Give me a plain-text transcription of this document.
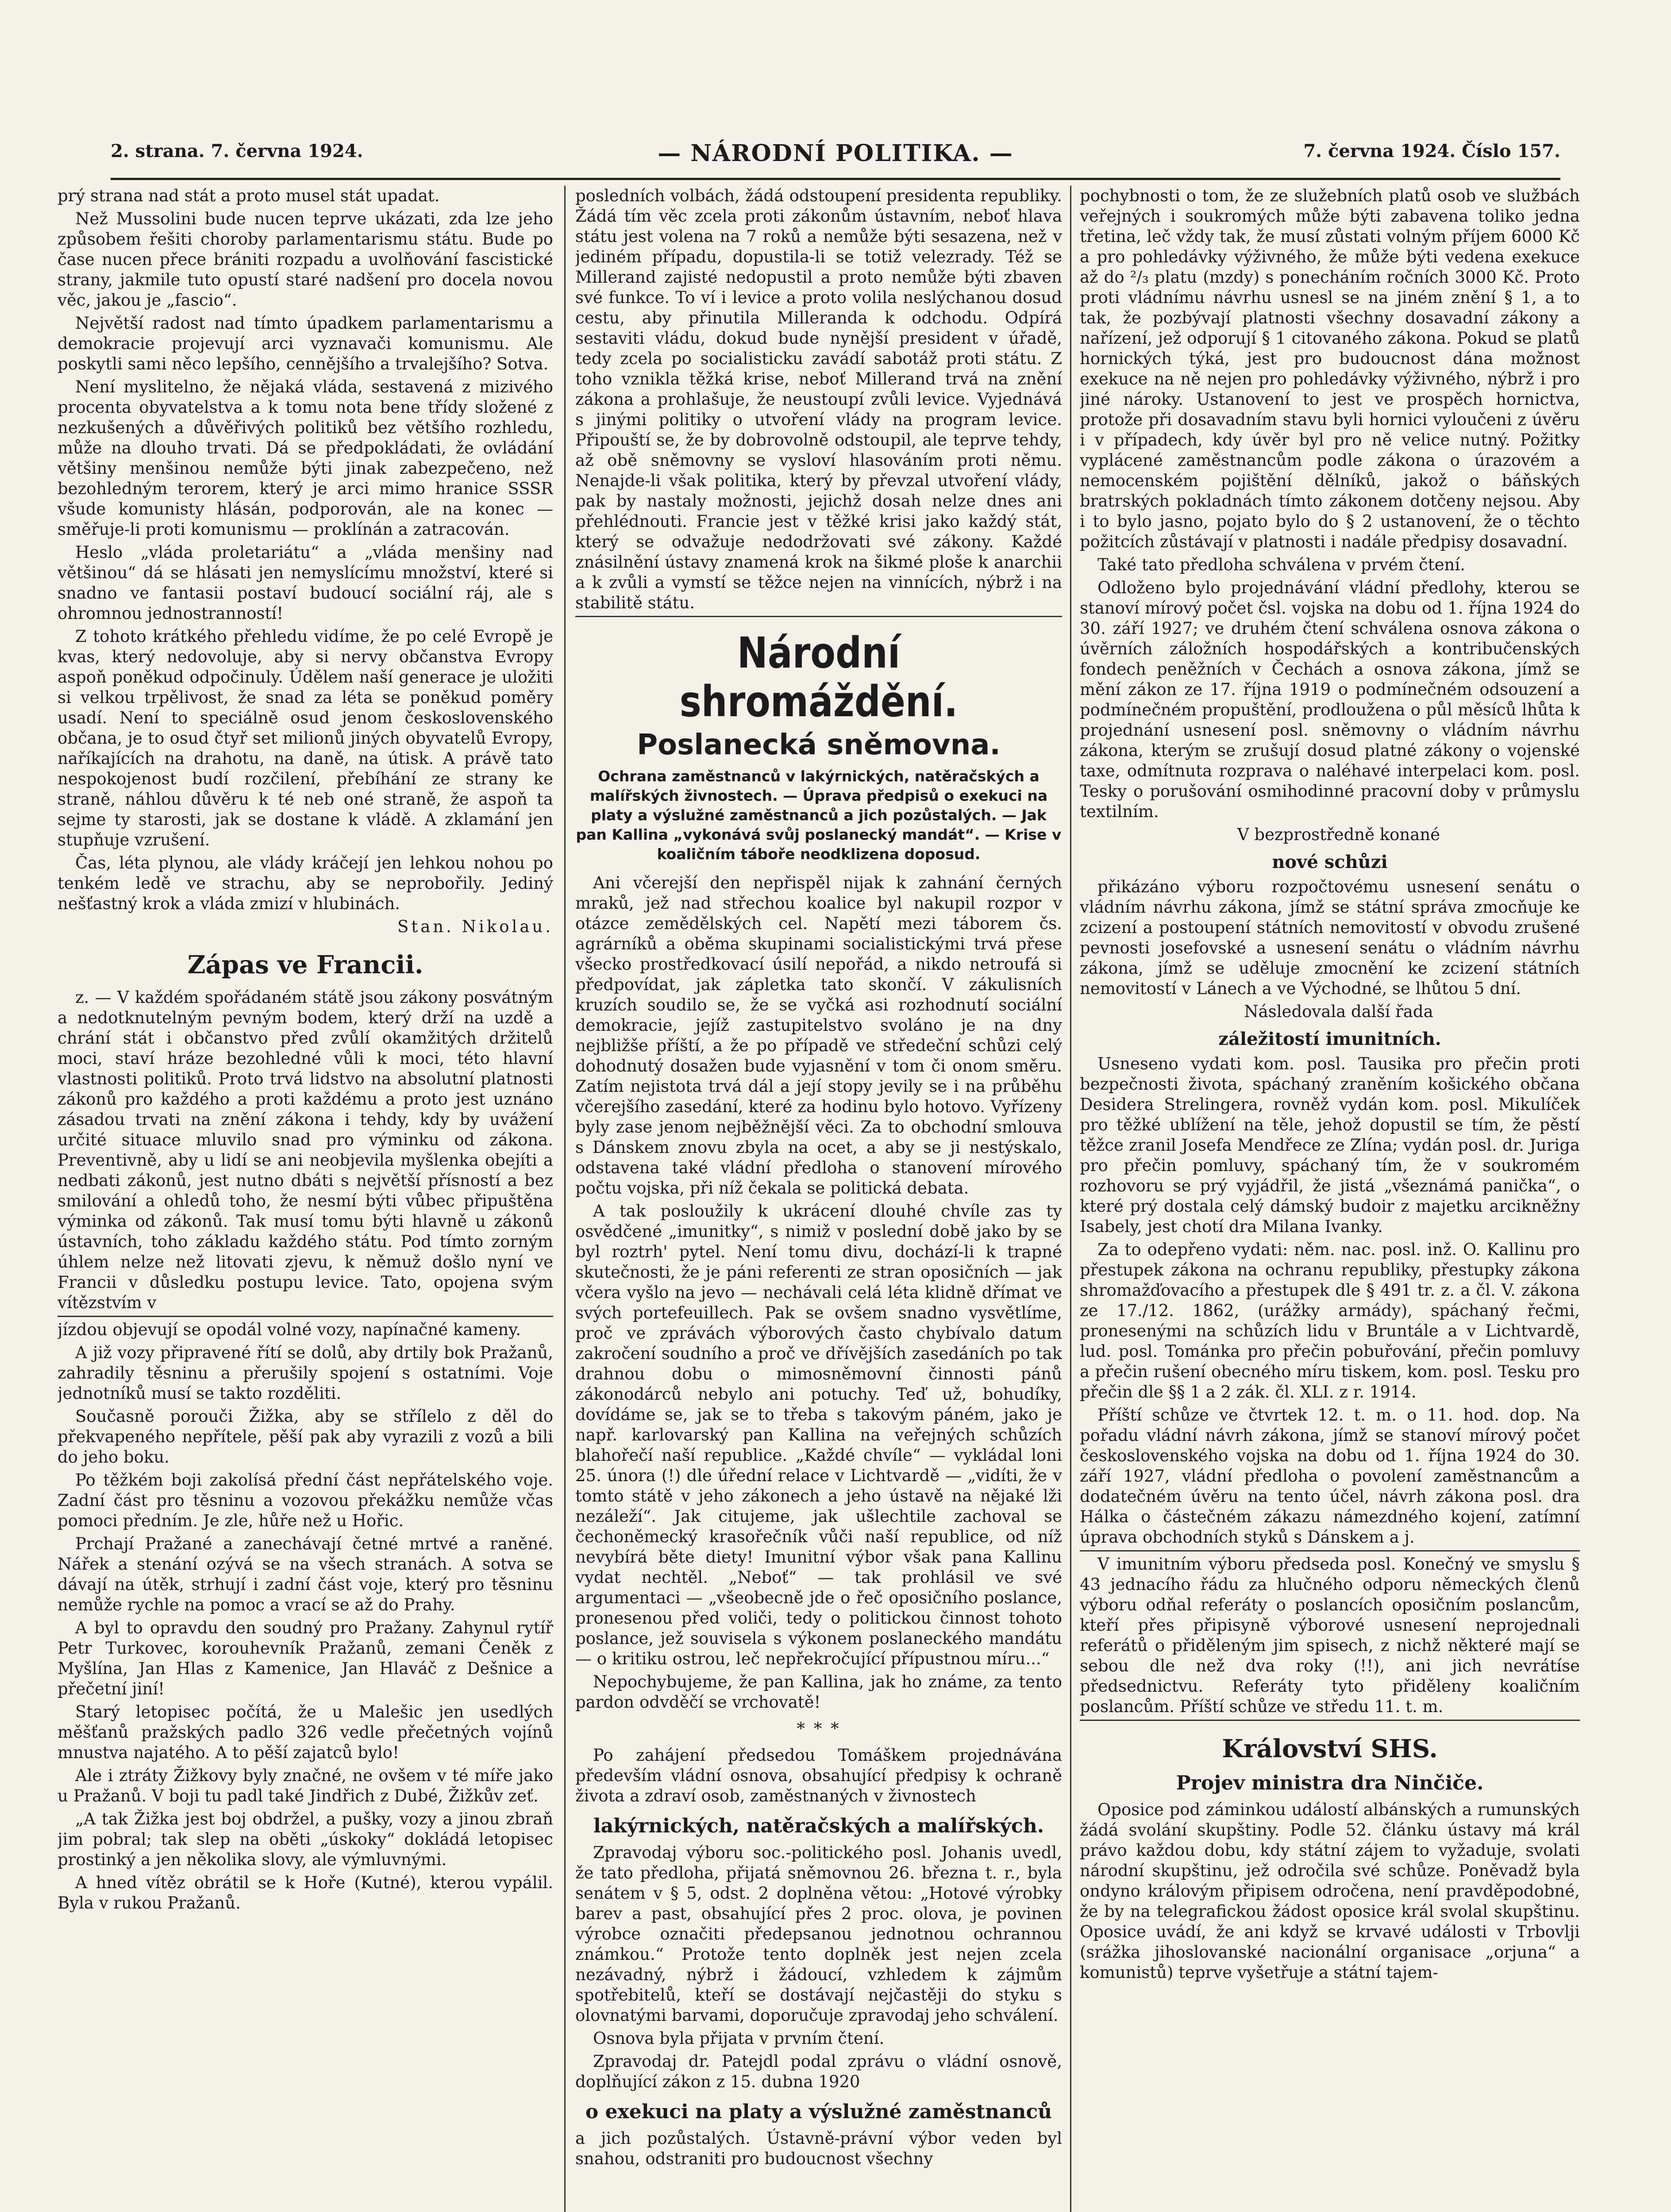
2. strana. 7. června 1924.	— NÁRODNÍ POLITIKA. —	7. června 1924. Číslo 157.

prý strana nad stát a proto musel stát upadat.

Než Mussolini bude nucen teprve ukázati, zda lze jeho způsobem řešiti choroby parlamentarismu státu. Bude po čase nucen přece brániti rozpadu a uvolňování fascistické strany, jakmile tuto opustí staré nadšení pro docela novou věc, jakou je „fascio“.

Největší radost nad tímto úpadkem parlamentarismu a demokracie projevují arci vyznavači komunismu. Ale poskytli sami něco lepšího, cennějšího a trvalejšího? Sotva.

Není myslitelno, že nějaká vláda, sestavená z mizivého procenta obyvatelstva a k tomu nota bene třídy složené z nezkušených a důvěřivých politiků bez většího rozhledu, může na dlouho trvati. Dá se předpokládati, že ovládání většiny menšinou nemůže býti jinak zabezpečeno, než bezohledným terorem, který je arci mimo hranice SSSR všude komunisty hlásán, podporován, ale na konec — směřuje-li proti komunismu — proklínán a zatracován.

Heslo „vláda proletariátu“ a „vláda menšiny nad většinou“ dá se hlásati jen nemyslícímu množství, které si snadno ve fantasii postaví budoucí sociální ráj, ale s ohromnou jednostranností!

Z tohoto krátkého přehledu vidíme, že po celé Evropě je kvas, který nedovoluje, aby si nervy občanstva Evropy aspoň poněkud odpočinuly. Údělem naší generace je uložiti si velkou trpělivost, že snad za léta se poněkud poměry usadí. Není to speciálně osud jenom československého občana, je to osud čtyř set milionů jiných obyvatelů Evropy, naříkajících na drahotu, na daně, na útisk. A právě tato nespokojenost budí rozčilení, přebíhání ze strany ke straně, náhlou důvěru k té neb oné straně, že aspoň ta sejme ty starosti, jak se dostane k vládě. A zklamání jen stupňuje vzrušení.

Čas, léta plynou, ale vlády kráčejí jen lehkou nohou po tenkém ledě ve strachu, aby se neprobořily. Jediný nešťastný krok a vláda zmizí v hlubinách.

Stan. Nikolau.

Zápas ve Francii.

z. — V každém spořádaném státě jsou zákony posvátným a nedotknutelným pevným bodem, který drží na uzdě a chrání stát i občanstvo před zvůlí okamžitých držitelů moci, staví hráze bezohledné vůli k moci, této hlavní vlastnosti politiků. Proto trvá lidstvo na absolutní platnosti zákonů pro každého a proti každému a proto jest uznáno zásadou trvati na znění zákona i tehdy, kdy by uvážení určité situace mluvilo snad pro výminku od zákona. Preventivně, aby u lidí se ani neobjevila myšlenka obejíti a nedbati zákonů, jest nutno dbáti s největší přísností a bez smilování a ohledů toho, že nesmí býti vůbec připuštěna výminka od zákonů. Tak musí tomu býti hlavně u zákonů ústavních, toho základu každého státu. Pod tímto zorným úhlem nelze než litovati zjevu, k němuž došlo nyní ve Francii v důsledku postupu levice. Tato, opojena svým vítězstvím v

jízdou objevují se opodál volné vozy, napínačné kameny.

A již vozy připravené řítí se dolů, aby drtily bok Pražanů, zahradily těsninu a přerušily spojení s ostatními. Voje jednotníků musí se takto rozděliti.

Současně porouči Žižka, aby se střílelo z děl do překvapeného nepřítele, pěší pak aby vyrazili z vozů a bili do jeho boku.

Po těžkém boji zakolísá přední část nepřátelského voje. Zadní část pro těsninu a vozovou překážku nemůže včas pomoci předním. Je zle, hůře než u Hořic.

Prchají Pražané a zanechávají četné mrtvé a raněné. Nářek a stenání ozývá se na všech stranách. A sotva se dávají na útěk, strhují i zadní část voje, který pro těsninu nemůže rychle na pomoc a vrací se až do Prahy.

A byl to opravdu den soudný pro Pražany. Zahynul rytíř Petr Turkovec, korouhevník Pražanů, zemani Čeněk z Myšlína, Jan Hlas z Kamenice, Jan Hlaváč z Dešnice a přečetní jiní!

Starý letopisec počítá, že u Malešic jen usedlých měšťanů pražských padlo 326 vedle přečetných vojínů mnustva najatého. A to pěší zajatců bylo!

Ale i ztráty Žižkovy byly značné, ne ovšem v té míře jako u Pražanů. V boji tu padl také Jindřich z Dubé, Žižkův zeť.

„A tak Žižka jest boj obdržel, a pušky, vozy a jinou zbraň jim pobral; tak slep na oběti „úskoky“ dokládá letopisec prostinký a jen několika slovy, ale výmluvnými.

A hned vítěz obrátil se k Hoře (Kutné), kterou vypálil. Byla v rukou Pražanů.

posledních volbách, žádá odstoupení presidenta republiky. Žádá tím věc zcela proti zákonům ústavním, neboť hlava státu jest volena na 7 roků a nemůže býti sesazena, než v jediném případu, dopustila-li se totiž velezrady. Též se Millerand zajisté nedopustil a proto nemůže býti zbaven své funkce. To ví i levice a proto volila neslýchanou dosud cestu, aby přinutila Milleranda k odchodu. Odpírá sestaviti vládu, dokud bude nynější president v úřadě, tedy zcela po socialisticku zavádí sabotáž proti státu. Z toho vznikla těžká krise, neboť Millerand trvá na znění zákona a prohlašuje, že neustoupí zvůli levice. Vyjednává s jinými politiky o utvoření vlády na program levice. Připouští se, že by dobrovolně odstoupil, ale teprve tehdy, až obě sněmovny se vysloví hlasováním proti němu. Nenajde-li však politika, který by převzal utvoření vlády, pak by nastaly možnosti, jejichž dosah nelze dnes ani přehlédnouti. Francie jest v těžké krisi jako každý stát, který se odvažuje nedodržovati své zákony. Každé znásilnění ústavy znamená krok na šikmé ploše k anarchii a k zvůli a vymstí se těžce nejen na vinnících, nýbrž i na stabilitě státu.

Národní shromáždění.
Poslanecká sněmovna.
Ochrana zaměstnanců v lakýrnických, natěračských a malířských živnostech. — Úprava předpisů o exekuci na platy a výslužné zaměstnanců a jich pozůstalých. — Jak pan Kallina „vykonává svůj poslanecký mandát“. — Krise v koaličním táboře neodklizena doposud.

Ani včerejší den nepřispěl nijak k zahnání černých mraků, jež nad střechou koalice byl nakupil rozpor v otázce zemědělských cel. Napětí mezi táborem čs. agrárníků a oběma skupinami socialistickými trvá přese všecko prostředkovací úsilí nepořád, a nikdo netroufá si předpovídat, jak zápletka tato skončí. V zákulisních kruzích soudilo se, že se vyčká asi rozhodnutí sociální demokracie, jejíž zastupitelstvo svoláno je na dny nejbližše příští, a že po případě ve středeční schůzi celý dohodnutý dosažen bude vyjasnění v tom či onom směru. Zatím nejistota trvá dál a její stopy jevily se i na průběhu včerejšího zasedání, které za hodinu bylo hotovo. Vyřízeny byly zase jenom nejběžnější věci. Za to obchodní smlouva s Dánskem znovu zbyla na ocet, a aby se ji nestýskalo, odstavena také vládní předloha o stanovení mírového počtu vojska, při níž čekala se politická debata.

A tak posloužily k ukrácení dlouhé chvíle zas ty osvědčené „imunitky“, s nimiž v poslední době jako by se byl roztrh' pytel. Není tomu divu, dochází-li k trapné skutečnosti, že je páni referenti ze stran oposičních — jak včera vyšlo na jevo — nechávali celá léta klidně dřímat ve svých portefeuillech. Pak se ovšem snadno vysvětlíme, proč ve zprávách výborových často chybívalo datum zakročení soudního a proč ve dřívějších zasedáních po tak drahnou dobu o mimosněmovní činnosti pánů zákonodárců nebylo ani potuchy. Teď už, bohudíky, dovídáme se, jak se to třeba s takovým páném, jako je např. karlovarský pan Kallina na veřejných schůzích blahořečí naší republice. „Každé chvíle“ — vykládal loni 25. února (!) dle úřední relace v Lichtvardě — „vidíti, že v tomto státě v jeho zákonech a jeho ústavě na nějaké lži nezáleží“. Jak citujeme, jak ušlechtile zachoval se čechoněmecký krasořečník vůči naší republice, od níž nevybírá běte diety! Imunitní výbor však pana Kallinu vydat nechtěl. „Neboť“ — tak prohlásil ve své argumentaci — „všeobecně jde o řeč oposičního poslance, pronesenou před voliči, tedy o politickou činnost tohoto poslance, jež souvisela s výkonem poslaneckého mandátu — o kritiku ostrou, leč nepřekročující přípustnou míru...“

Nepochybujeme, že pan Kallina, jak ho známe, za tento pardon odvděčí se vrchovatě!

* * *

Po zahájení předsedou Tomáškem projednávána především vládní osnova, obsahující předpisy k ochraně života a zdraví osob, zaměstnaných v živnostech

lakýrnických, natěračských a malířských.

Zpravodaj výboru soc.-politického posl. Johanis uvedl, že tato předloha, přijatá sněmovnou 26. března t. r., byla senátem v § 5, odst. 2 doplněna větou: „Hotové výrobky barev a past, obsahující přes 2 proc. olova, je povinen výrobce označiti předepsanou jednotnou ochrannou známkou.“ Protože tento doplněk jest nejen zcela nezávadný, nýbrž i žádoucí, vzhledem k zájmům spotřebitelů, kteří se dostávají nejčastěji do styku s olovnatými barvami, doporučuje zpravodaj jeho schválení.

Osnova byla přijata v prvním čtení.

Zpravodaj dr. Patejdl podal zprávu o vládní osnově, doplňující zákon z 15. dubna 1920

o exekuci na platy a výslužné zaměstnanců

a jich pozůstalých. Ústavně-právní výbor veden byl snahou, odstraniti pro budoucnost všechny

pochybnosti o tom, že ze služebních platů osob ve službách veřejných i soukromých může býti zabavena toliko jedna třetina, leč vždy tak, že musí zůstati volným příjem 6000 Kč a pro pohledávky výživného, že může býti vedena exekuce až do ²/₃ platu (mzdy) s ponecháním ročních 3000 Kč. Proto proti vládnímu návrhu usnesl se na jiném znění § 1, a to tak, že pozbývají platnosti všechny dosavadní zákony a nařízení, jež odporují § 1 citovaného zákona. Pokud se platů hornických týká, jest pro budoucnost dána možnost exekuce na ně nejen pro pohledávky výživného, nýbrž i pro jiné nároky. Ustanovení to jest ve prospěch hornictva, protože při dosavadním stavu byli hornici vyloučeni z úvěru i v případech, kdy úvěr byl pro ně velice nutný. Požitky vyplácené zaměstnancům podle zákona o úrazovém a nemocenském pojištění dělníků, jakož o báňských bratrských pokladnách tímto zákonem dotčeny nejsou. Aby i to bylo jasno, pojato bylo do § 2 ustanovení, že o těchto požitcích zůstávají v platnosti i nadále předpisy dosavadní.

Také tato předloha schválena v prvém čtení.

Odloženo bylo projednávání vládní předlohy, kterou se stanoví mírový počet čsl. vojska na dobu od 1. října 1924 do 30. září 1927; ve druhém čtení schválena osnova zákona o úvěrních záložních hospodářských a kontribučenských fondech peněžních v Čechách a osnova zákona, jímž se mění zákon ze 17. října 1919 o podmínečném odsouzení a podmínečném propuštění, prodloužena o půl měsíců lhůta k projednání usnesení posl. sněmovny o vládním návrhu zákona, kterým se zrušují dosud platné zákony o vojenské taxe, odmítnuta rozprava o naléhavé interpelaci kom. posl. Tesky o porušování osmihodinné pracovní doby v průmyslu textilním.

V bezprostředně konané

nové schůzi

přikázáno výboru rozpočtovému usnesení senátu o vládním návrhu zákona, jímž se státní správa zmocňuje ke zcizení a postoupení státních nemovitostí v obvodu zrušené pevnosti josefovské a usnesení senátu o vládním návrhu zákona, jímž se uděluje zmocnění ke zcizení státních nemovitostí v Lánech a ve Východné, se lhůtou 5 dní.

Následovala další řada

záležitostí imunitních.

Usneseno vydati kom. posl. Tausika pro přečin proti bezpečnosti života, spáchaný zraněním košického občana Desidera Strelingera, rovněž vydán kom. posl. Mikulíček pro těžké ublížení na těle, jehož dopustil se tím, že pěstí těžce zranil Josefa Mendřece ze Zlína; vydán posl. dr. Juriga pro přečin pomluvy, spáchaný tím, že v soukromém rozhovoru se prý vyjádřil, že jistá „všeznámá panička“, o které prý dostala celý dámský budoir z majetku arcikněžny Isabely, jest chotí dra Milana Ivanky.

Za to odepřeno vydati: něm. nac. posl. inž. O. Kallinu pro přestupek zákona na ochranu republiky, přestupky zákona shromažďovacího a přestupek dle § 491 tr. z. a čl. V. zákona ze 17./12. 1862, (urážky armády), spáchaný řečmi, pronesenými na schůzích lidu v Bruntále a v Lichtvardě, lud. posl. Tománka pro přečin pobuřování, přečin pomluvy a přečin rušení obecného míru tiskem, kom. posl. Tesku pro přečin dle §§ 1 a 2 zák. čl. XLI. z r. 1914.

Příští schůze ve čtvrtek 12. t. m. o 11. hod. dop. Na pořadu vládní návrh zákona, jímž se stanoví mírový počet československého vojska na dobu od 1. října 1924 do 30. září 1927, vládní předloha o povolení zaměstnancům a dodatečném úvěru na tento účel, návrh zákona posl. dra Hálka o částečném zákazu námezdného kojení, zatímní úprava obchodních styků s Dánskem a j.

V imunitním výboru předseda posl. Konečný ve smyslu § 43 jednacího řádu za hlučného odporu německých členů výboru odňal referáty o poslancích oposičním poslancům, kteří přes připisyně výborové usnesení neprojednali referátů o přiděleným jim spisech, z nichž některé mají se sebou dle než dva roky (!!), ani jich nevrátíse předsednictvu. Referáty tyto přiděleny koaličním poslancům. Příští schůze ve středu 11. t. m.

Království SHS.
Projev ministra dra Ninčiče.

Oposice pod záminkou událostí albánských a rumunských žádá svolání skupštiny. Podle 52. článku ústavy má král právo každou dobu, kdy státní zájem to vyžaduje, svolati národní skupštinu, jež odročila své schůze. Poněvadž byla ondyno královým připisem odročena, není pravděpodobné, že by na telegrafickou žádost oposice král svolal skupštinu. Oposice uvádí, že ani když se krvavé události v Trbovlji (srážka jihoslovanské nacionální organisace „orjuna“ a komunistů) teprve vyšetřuje a státní tajem-
